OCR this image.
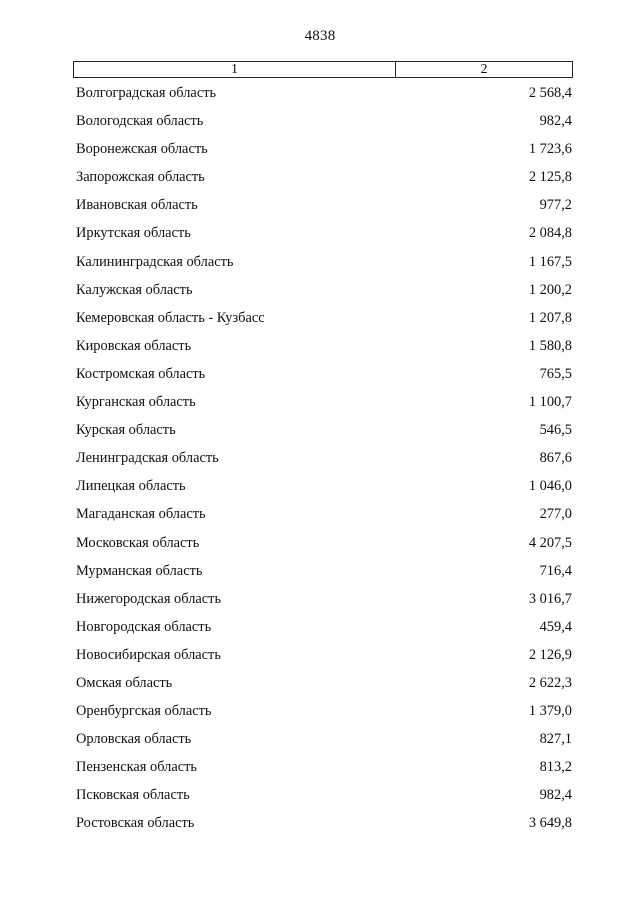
4838
1	2
Волгоградская область	2 568,4
Вологодская область	982,4
Воронежская область	1 723,6
Запорожская область	2 125,8
Ивановская область	977,2
Иркутская область	2 084,8
Калининградская область	1 167,5
Калужская область	1 200,2
Кемеровская область - Кузбасс	1 207,8
Кировская область	1 580,8
Костромская область	765,5
Курганская область	1 100,7
Курская область	546,5
Ленинградская область	867,6
Липецкая область	1 046,0
Магаданская область	277,0
Московская область	4 207,5
Мурманская область	716,4
Нижегородская область	3 016,7
Новгородская область	459,4
Новосибирская область	2 126,9
Омская область	2 622,3
Оренбургская область	1 379,0
Орловская область	827,1
Пензенская область	813,2
Псковская область	982,4
Ростовская область	3 649,8
